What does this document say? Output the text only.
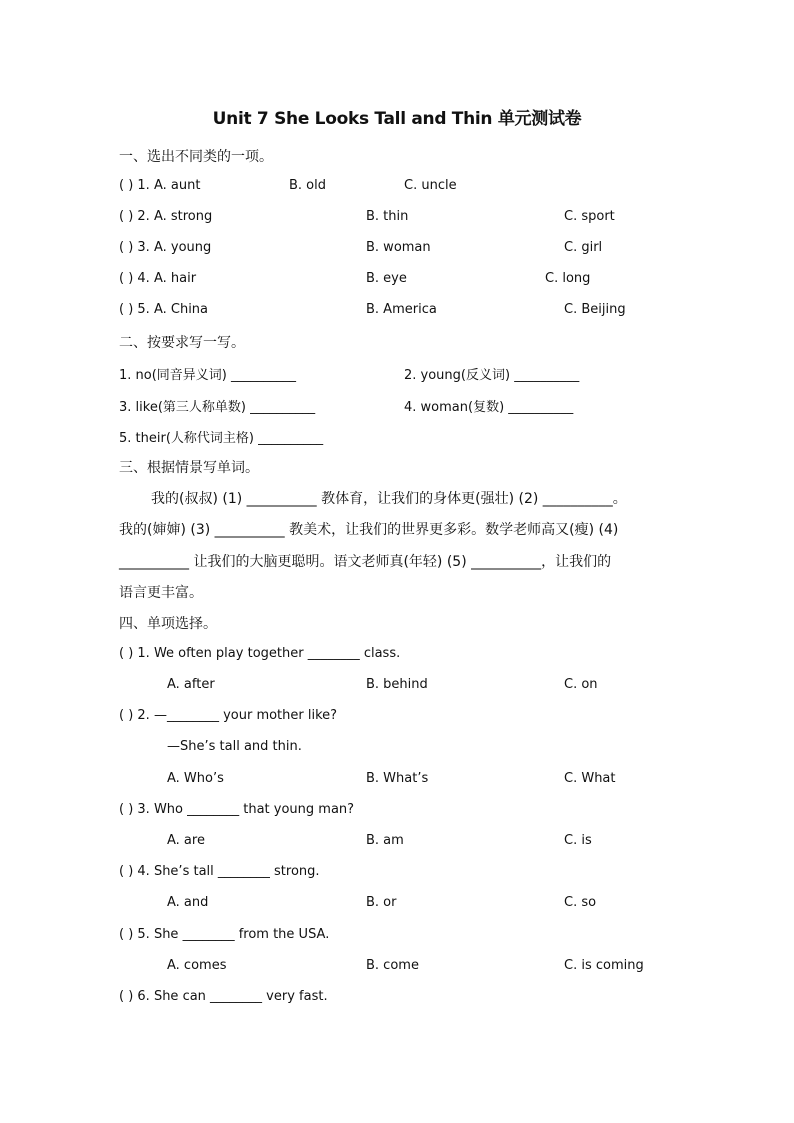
Unit 7 She Looks Tall and Thin 单元测试卷
一、选出不同类的一项。
( ) 1. A. aunt	B. old	C. uncle
( ) 2. A. strong	B. thin	C. sport
( ) 3. A. young	B. woman	C. girl
( ) 4. A. hair	B. eye	C. long
( ) 5. A. China	B. America	C. Beijing
二、按要求写一写。
1. no(同音异义词) __________	2. young(反义词) __________
3. like(第三人称单数) __________	4. woman(复数) __________
5. their(人称代词主格) __________
三、根据情景写单词。
我的(叔叔) (1) __________ 教体育，让我们的身体更(强壮) (2) __________。
我的(婶婶) (3) __________ 教美术，让我们的世界更多彩。数学老师高又(瘦) (4)
__________ 让我们的大脑更聪明。语文老师真(年轻) (5) __________，让我们的
语言更丰富。
四、单项选择。
( ) 1. We often play together ________ class.
A. after	B. behind	C. on
( ) 2. —________ your mother like?
—She’s tall and thin.
A. Who’s	B. What’s	C. What
( ) 3. Who ________ that young man?
A. are	B. am	C. is
( ) 4. She’s tall ________ strong.
A. and	B. or	C. so
( ) 5. She ________ from the USA.
A. comes	B. come	C. is coming
( ) 6. She can ________ very fast.
